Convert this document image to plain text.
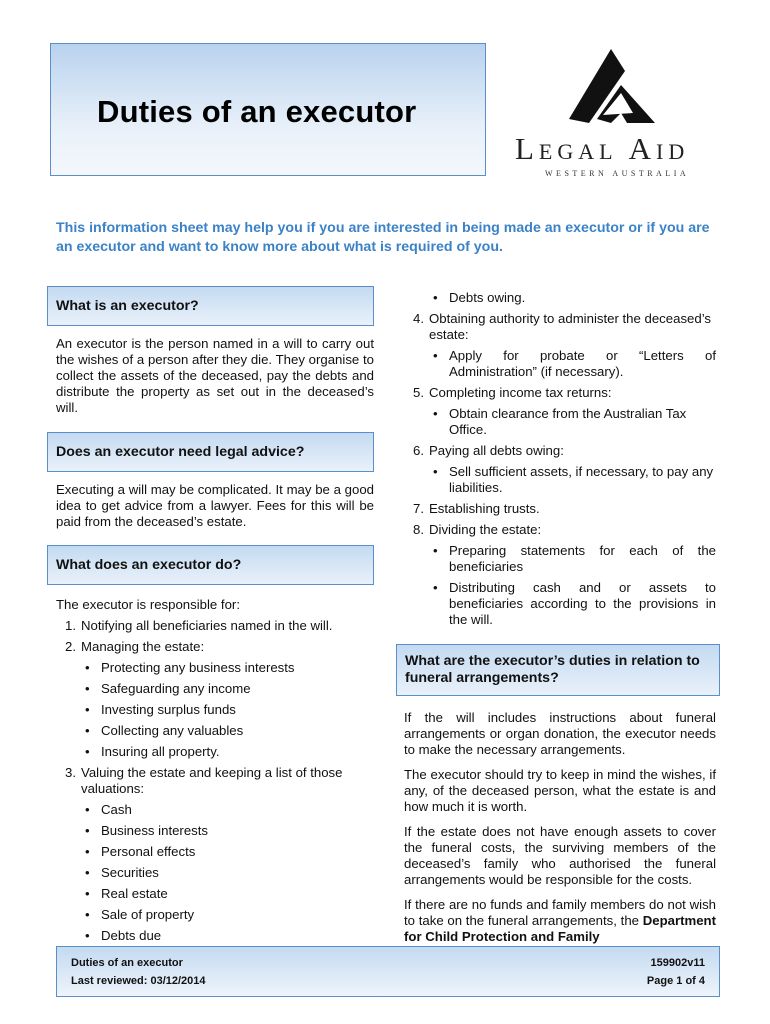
Duties of an executor
Legal Aid
WESTERN AUSTRALIA
This information sheet may help you if you are interested in being made an executor or if you are an executor and want to know more about what is required of you.
What is an executor?

An executor is the person named in a will to carry out the wishes of a person after they die. They organise to collect the assets of the deceased, pay the debts and distribute the property as set out in the deceased’s will.

Does an executor need legal advice?

Executing a will may be complicated. It may be a good idea to get advice from a lawyer. Fees for this will be paid from the deceased’s estate.

What does an executor do?

The executor is responsible for:

1. Notifying all beneficiaries named in the will.
2. Managing the estate:
• Protecting any business interests
• Safeguarding any income
• Investing surplus funds
• Collecting any valuables
• Insuring all property.
3. Valuing the estate and keeping a list of those valuations:
• Cash
• Business interests
• Personal effects
• Securities
• Real estate
• Sale of property
• Debts due
• Debts owing.
4. Obtaining authority to administer the deceased’s estate:
• Apply for probate or “Letters of Administration” (if necessary).
5. Completing income tax returns:
• Obtain clearance from the Australian Tax Office.
6. Paying all debts owing:
• Sell sufficient assets, if necessary, to pay any liabilities.
7. Establishing trusts.
8. Dividing the estate:
• Preparing statements for each of the beneficiaries
• Distributing cash and or assets to beneficiaries according to the provisions in the will.
What are the executor’s duties in relation to funeral arrangements?

If the will includes instructions about funeral arrangements or organ donation, the executor needs to make the necessary arrangements.

The executor should try to keep in mind the wishes, if any, of the deceased person, what the estate is and how much it is worth.

If the estate does not have enough assets to cover the funeral costs, the surviving members of the deceased’s family who authorised the funeral arrangements would be responsible for the costs.

If there are no funds and family members do not wish to take on the funeral arrangements, the Department for Child Protection and Family

Duties of an executor
Last reviewed: 03/12/2014
159902v11
Page 1 of 4
